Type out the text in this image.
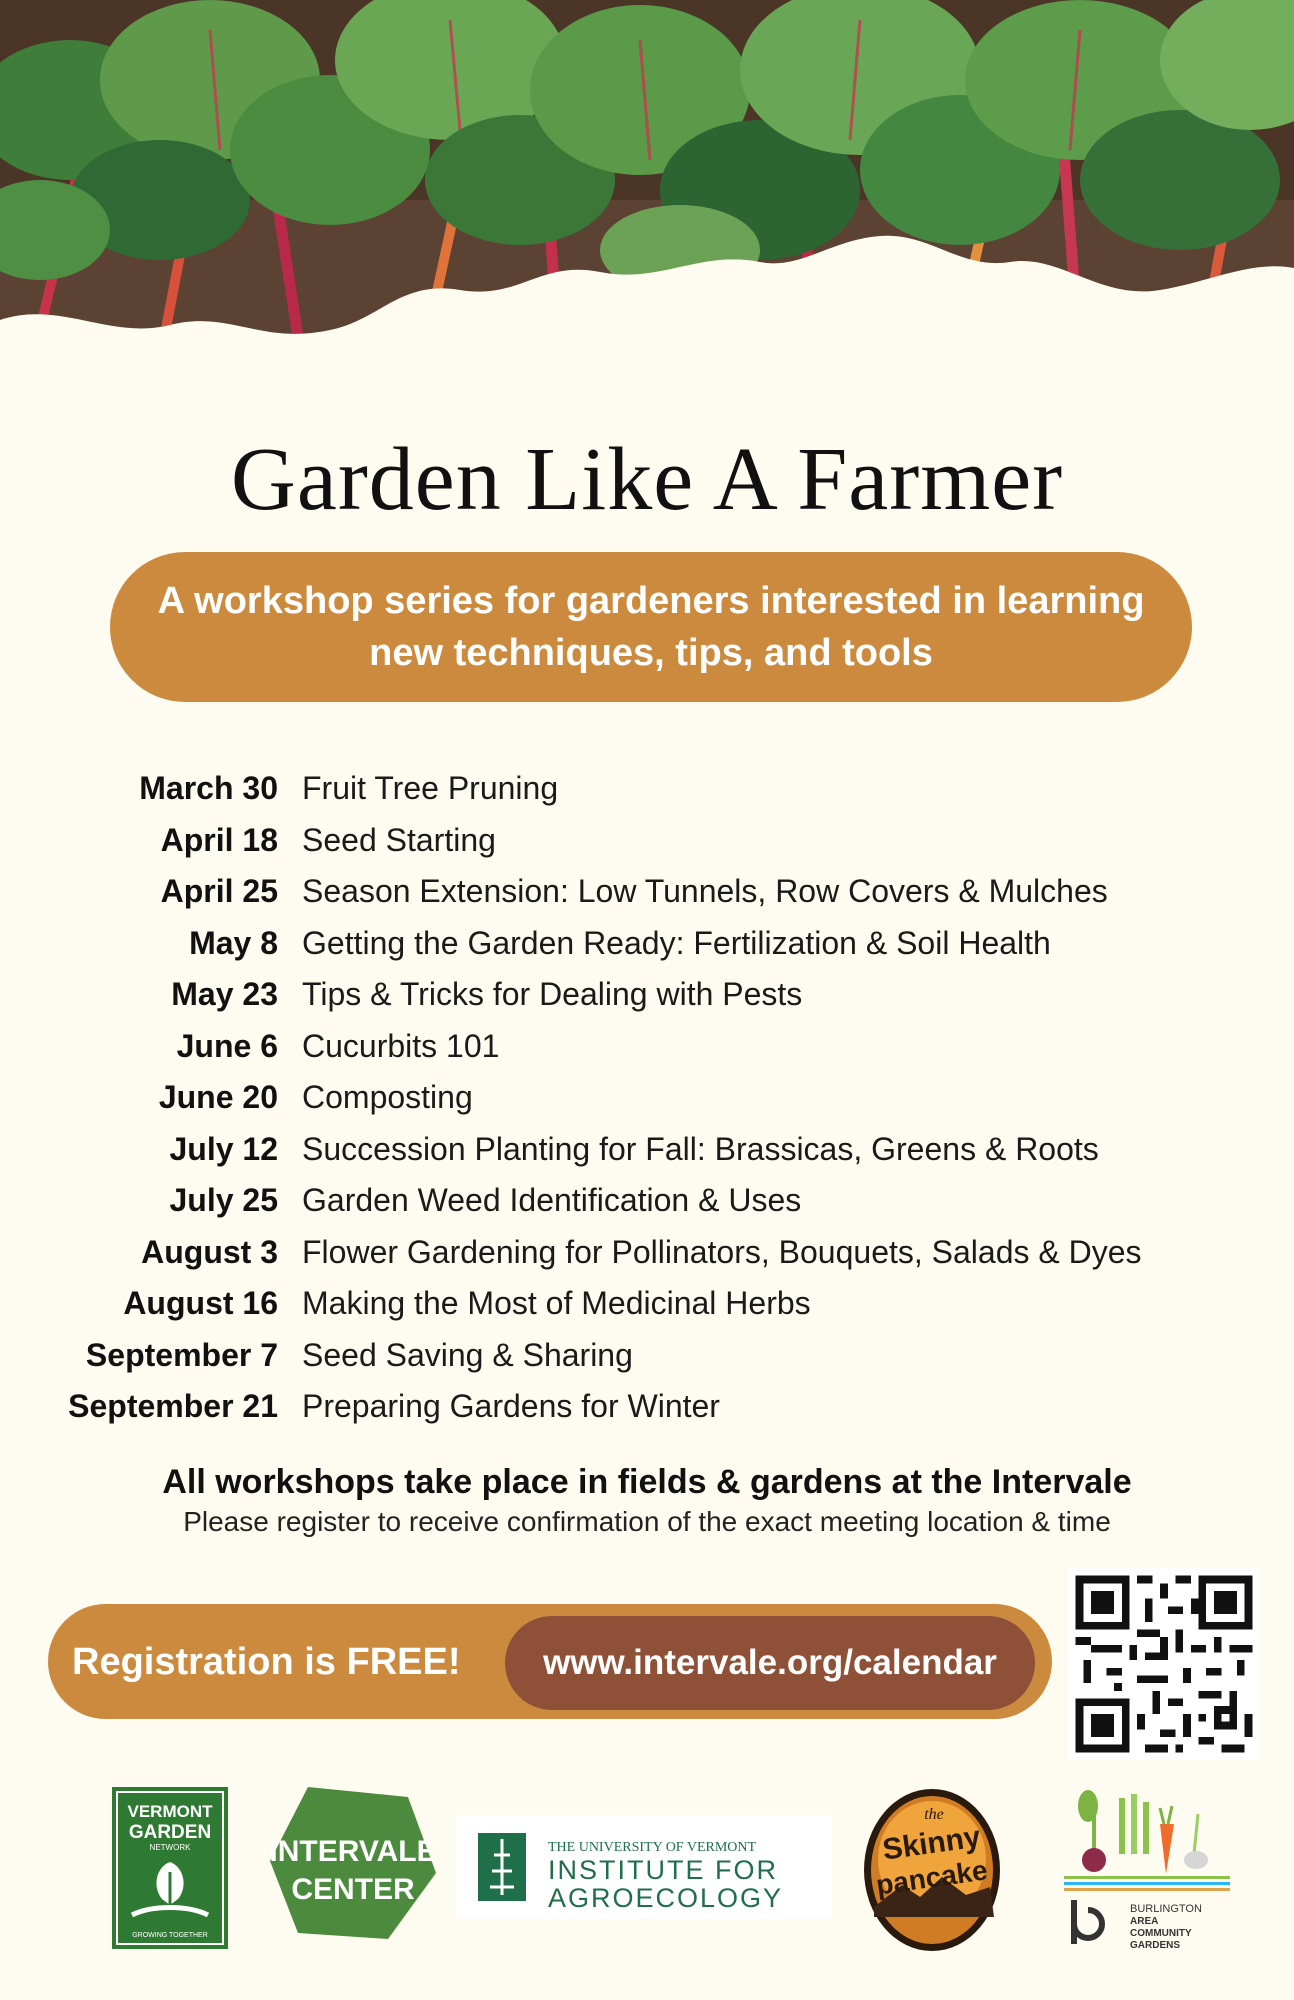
Garden Like A Farmer
A workshop series for gardeners interested in learning new techniques, tips, and tools
March 30 Fruit Tree Pruning
April 18 Seed Starting
April 25 Season Extension: Low Tunnels, Row Covers & Mulches
May 8 Getting the Garden Ready: Fertilization & Soil Health
May 23 Tips & Tricks for Dealing with Pests
June 6 Cucurbits 101
June 20 Composting
July 12 Succession Planting for Fall: Brassicas, Greens & Roots
July 25 Garden Weed Identification & Uses
August 3 Flower Gardening for Pollinators, Bouquets, Salads & Dyes
August 16 Making the Most of Medicinal Herbs
September 7 Seed Saving & Sharing
September 21 Preparing Gardens for Winter
All workshops take place in fields & gardens at the Intervale
Please register to receive confirmation of the exact meeting location & time
Registration is FREE! www.intervale.org/calendar
VERMONT
GARDEN
NETWORK
GROWING TOGETHER
INTERVALE
CENTER
THE UNIVERSITY OF VERMONT
INSTITUTE FOR
AGROECOLOGY
the
Skinny
pancake
BURLINGTON
AREA
COMMUNITY
GARDENS
